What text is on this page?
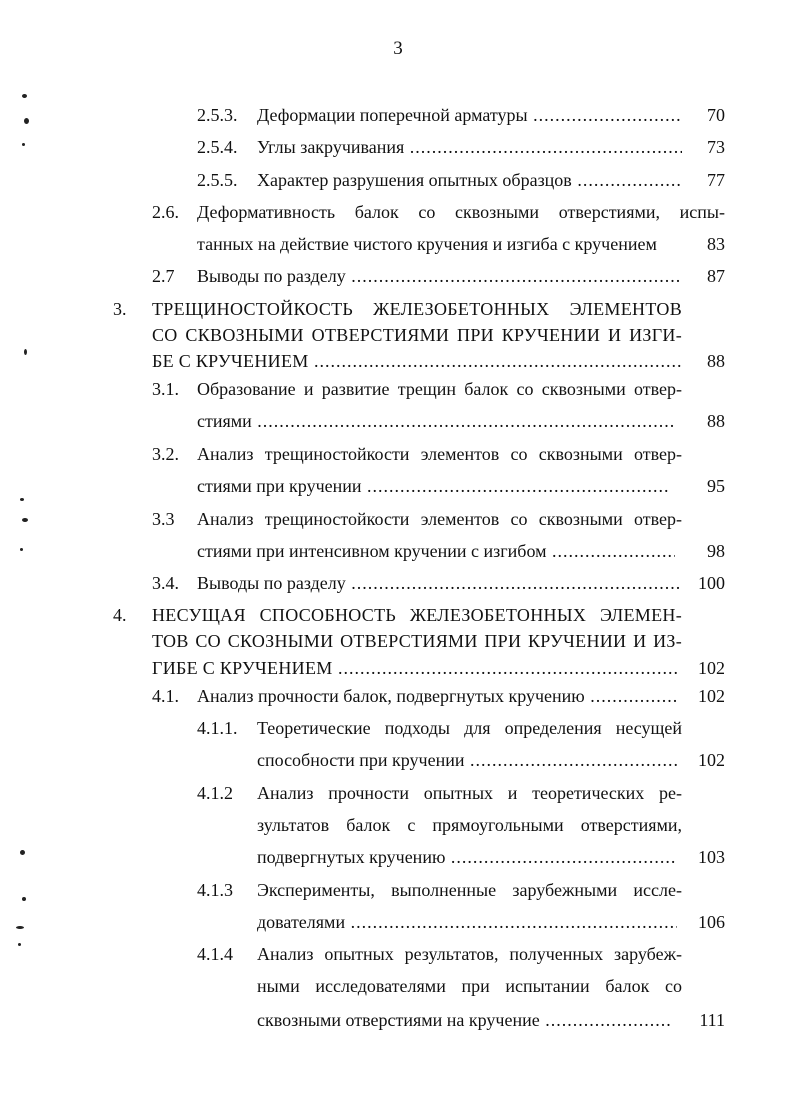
3
2.5.3. Деформации поперечной арматуры .....	70
2.5.4. Углы закручивания .....	73
2.5.5. Характер разрушения опытных образцов .....	77
2.6. Деформативность балок со сквозными отверстиями, испы-
танных на действие чистого кручения и изгиба с кручением	83
2.7 Выводы по разделу .....	87
3. ТРЕЩИНОСТОЙКОСТЬ ЖЕЛЕЗОБЕТОННЫХ ЭЛЕМЕНТОВ
СО СКВОЗНЫМИ ОТВЕРСТИЯМИ ПРИ КРУЧЕНИИ И ИЗГИ-
БЕ С КРУЧЕНИЕМ .....	88
3.1. Образование и развитие трещин балок со сквозными отвер-
стиями .....	88
3.2. Анализ трещиностойкости элементов со сквозными отвер-
стиями при кручении .....	95
3.3 Анализ трещиностойкости элементов со сквозными отвер-
стиями при интенсивном кручении с изгибом .....	98
3.4. Выводы по разделу .....	100
4. НЕСУЩАЯ СПОСОБНОСТЬ ЖЕЛЕЗОБЕТОННЫХ ЭЛЕМЕН-
ТОВ СО СКОЗНЫМИ ОТВЕРСТИЯМИ ПРИ КРУЧЕНИИ И ИЗ-
ГИБЕ С КРУЧЕНИЕМ .....	102
4.1. Анализ прочности балок, подвергнутых кручению .....	102
4.1.1. Теоретические подходы для определения несущей
способности при кручении .....	102
4.1.2 Анализ прочности опытных и теоретических ре-
зультатов балок с прямоугольными отверстиями,
подвергнутых кручению .....	103
4.1.3 Эксперименты, выполненные зарубежными иссле-
дователями .....	106
4.1.4 Анализ опытных результатов, полученных зарубеж-
ными исследователями при испытании балок со
сквозными отверстиями на кручение .....	111
